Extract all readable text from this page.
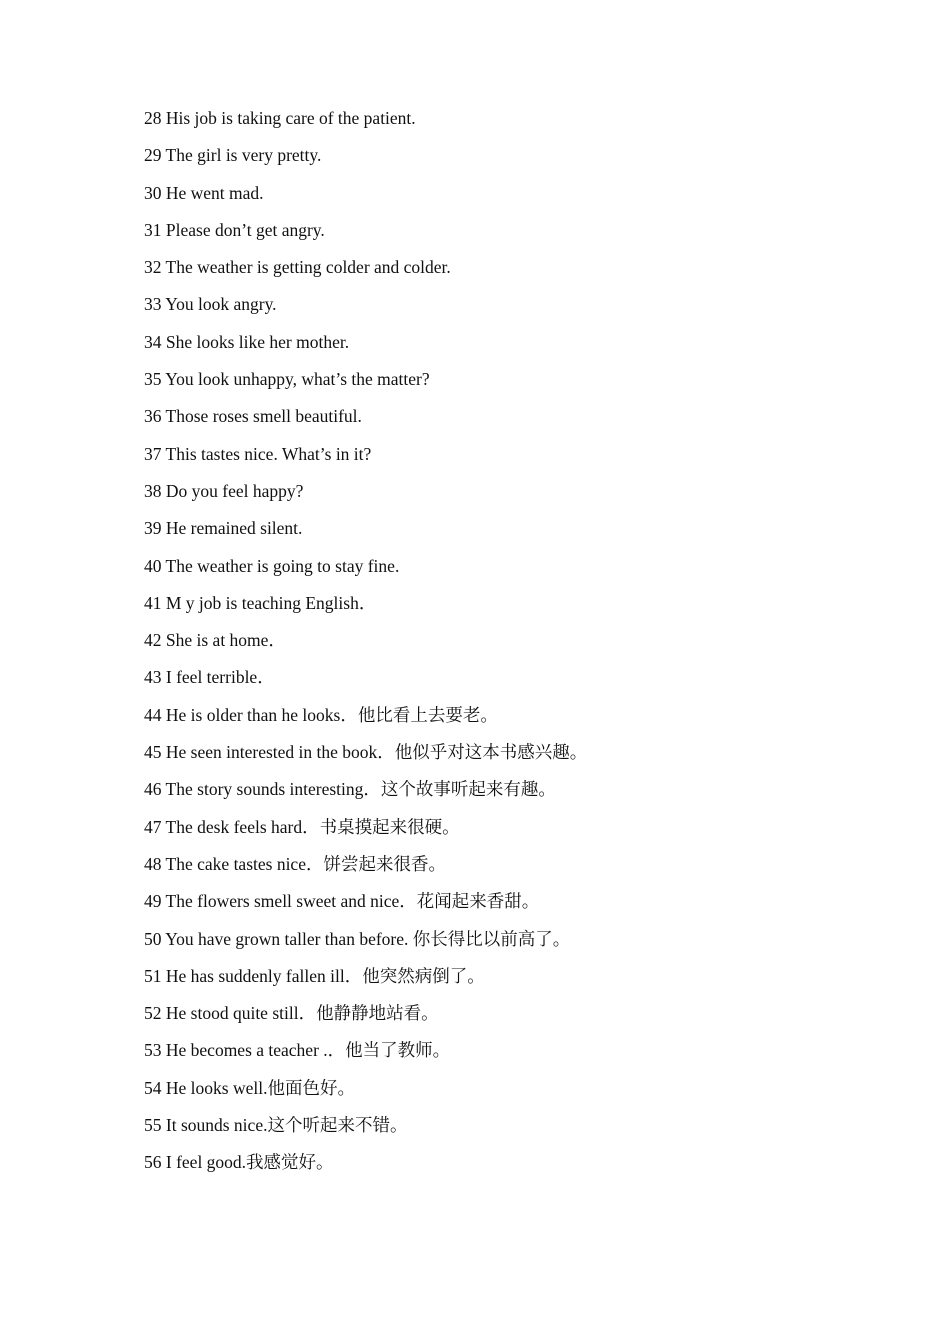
28 His job is taking care of the patient.
29 The girl is very pretty.
30 He went mad.
31 Please don’t get angry.
32 The weather is getting colder and colder.
33 You look angry.
34 She looks like her mother.
35 You look unhappy, what’s the matter?
36 Those roses smell beautiful.
37 This tastes nice. What’s in it?
38 Do you feel happy?
39 He remained silent.
40 The weather is going to stay fine.
41 M y job is teaching English．
42 She is at home．
43 I feel terrible．
44 He is older than he looks．他比看上去要老。
45 He seen interested in the book．他似乎对这本书感兴趣。
46 The story sounds interesting．这个故事听起来有趣。
47 The desk feels hard．书桌摸起来很硬。
48 The cake tastes nice．饼尝起来很香。
49 The flowers smell sweet and nice．花闻起来香甜。
50 You have grown taller than before. 你长得比以前高了。
51 He has suddenly fallen ill．他突然病倒了。
52 He stood quite still．他静静地站看。
53 He becomes a teacher .．他当了教师。
54 He looks well.他面色好。
55 It sounds nice.这个听起来不错。
56 I feel good.我感觉好。
